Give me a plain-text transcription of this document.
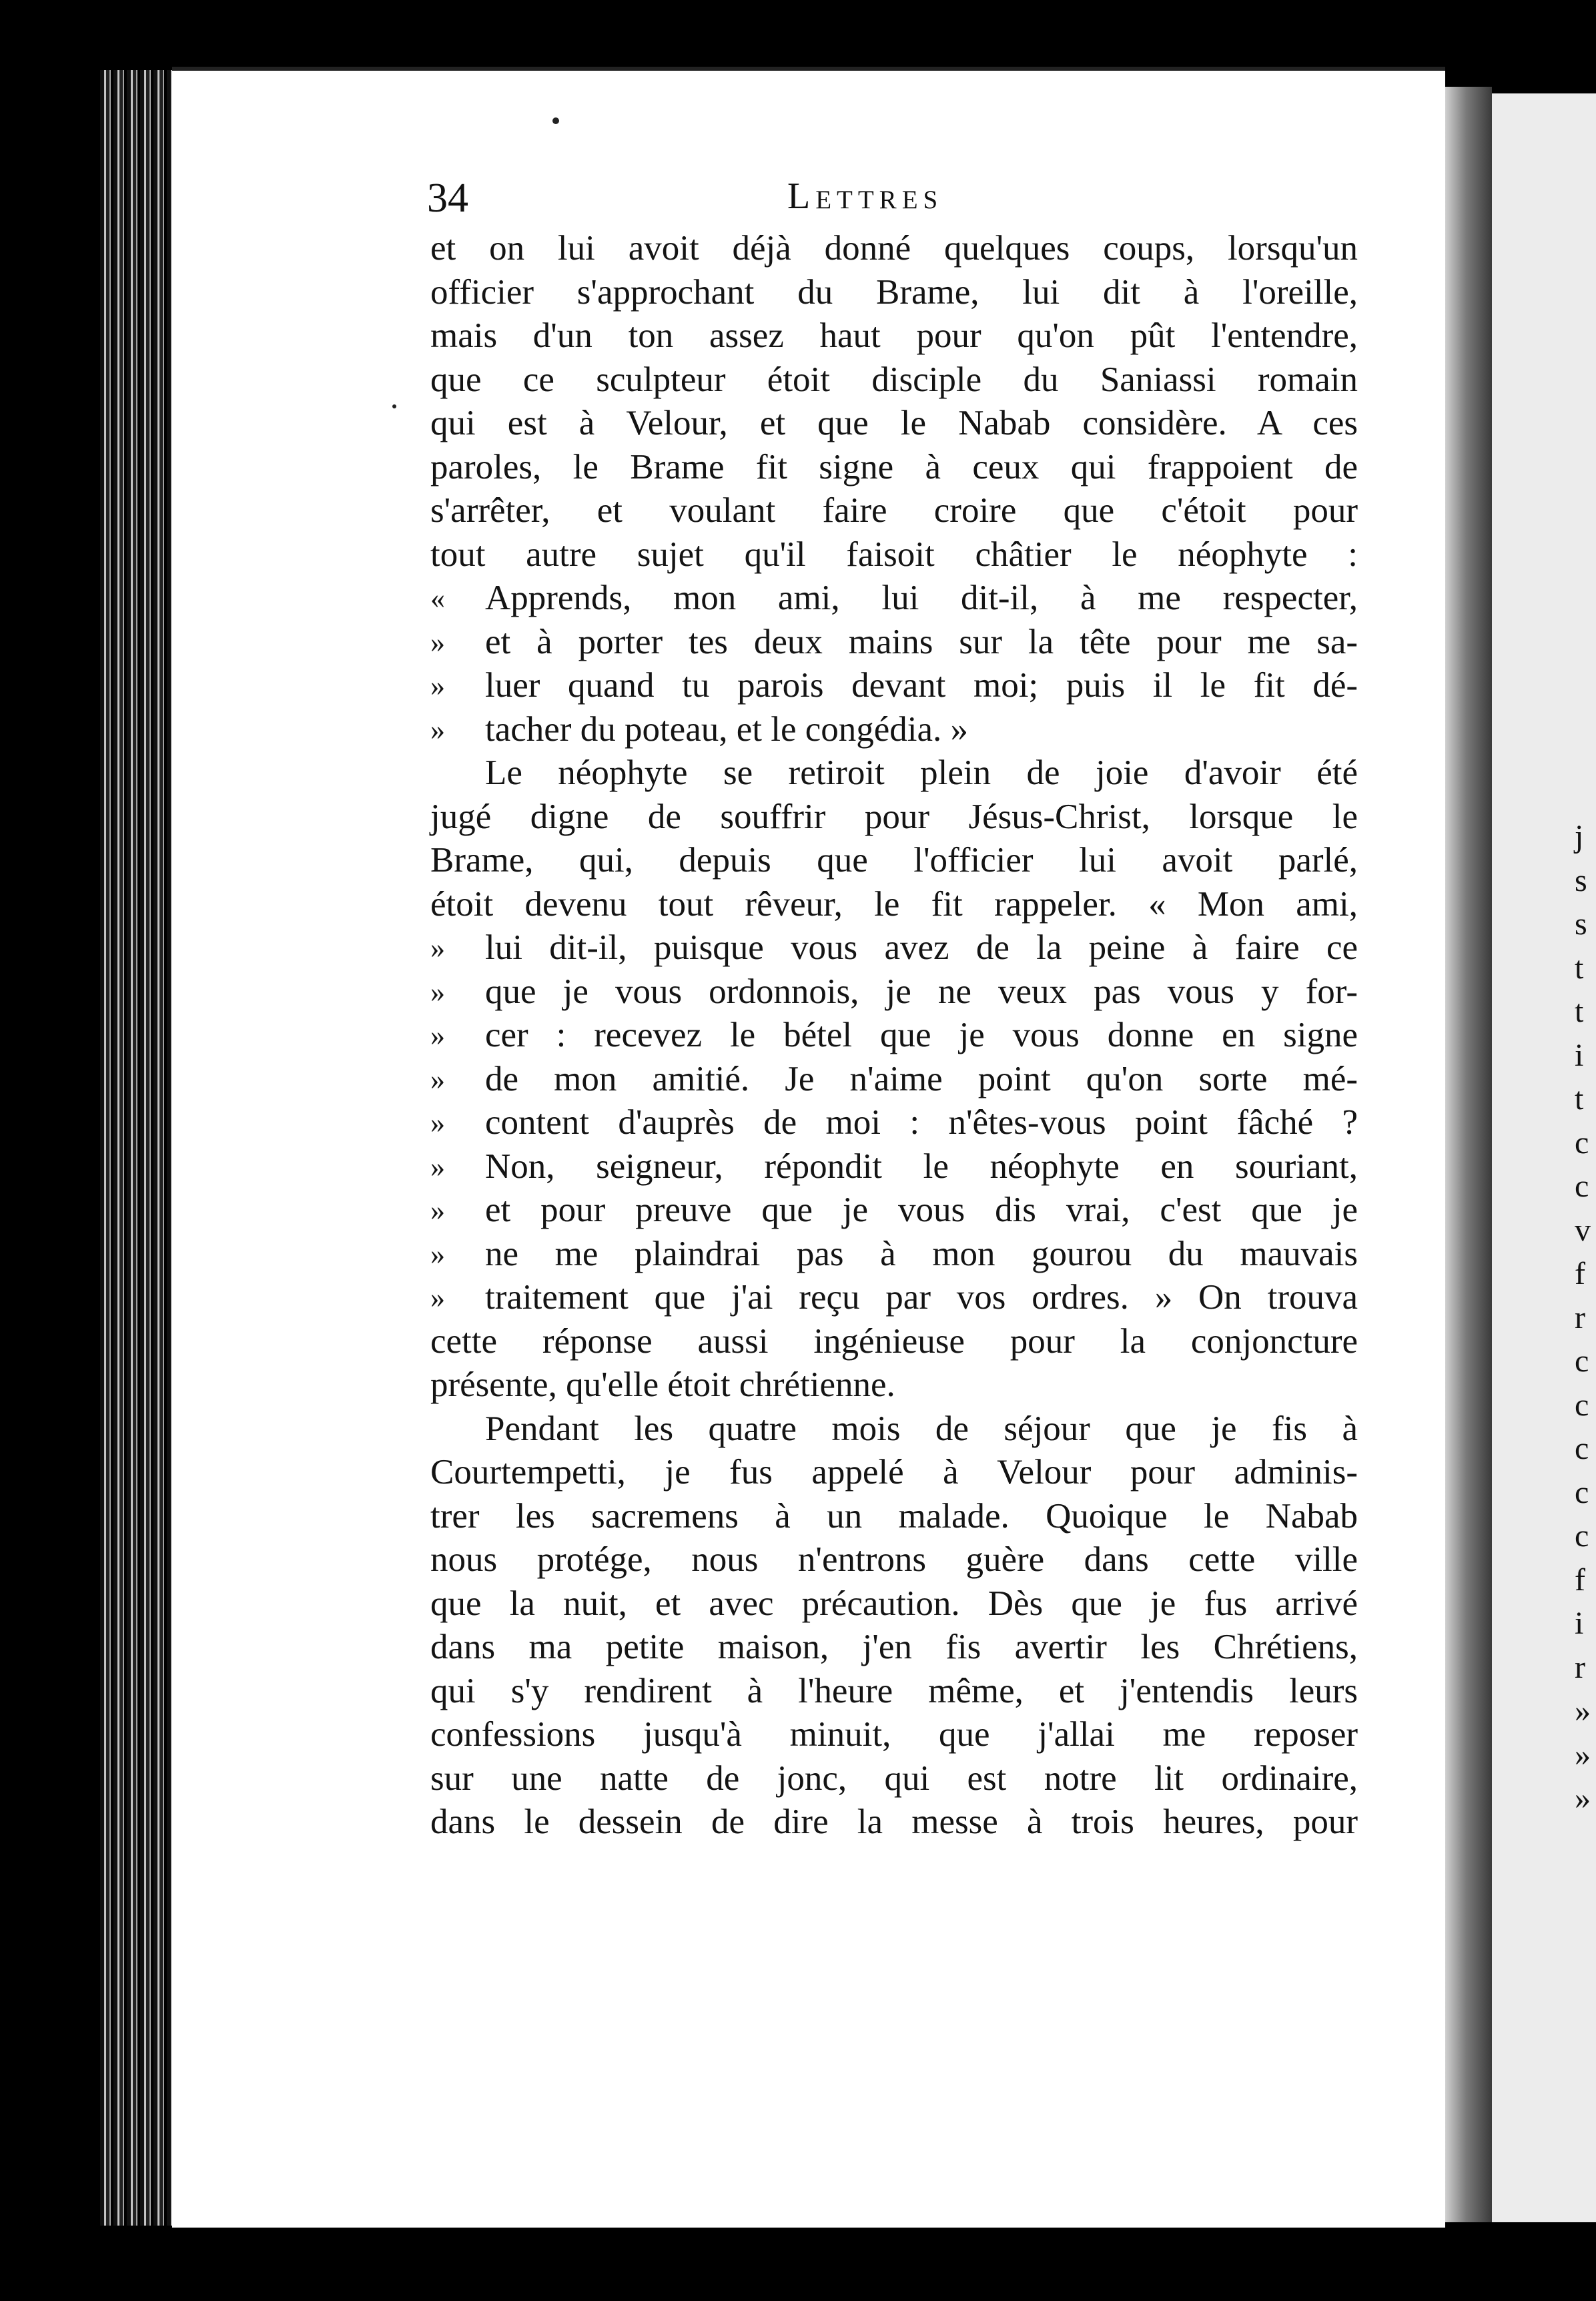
j
s
s
t
t
i
t
c
c
v
f
r
c
c
c
c
c
f
i
r
»
»
»
34	Lettres
et on lui avoit déjà donné quelques coups, lorsqu'un
officier s'approchant du Brame, lui dit à l'oreille,
mais d'un ton assez haut pour qu'on pût l'entendre,
que ce sculpteur étoit disciple du Saniassi romain
qui est à Velour, et que le Nabab considère. A ces
paroles, le Brame fit signe à ceux qui frappoient de
s'arrêter, et voulant faire croire que c'étoit pour
tout autre sujet qu'il faisoit châtier le néophyte :
«	Apprends, mon ami, lui dit-il, à me respecter,
»	et à porter tes deux mains sur la tête pour me sa-
»	luer quand tu parois devant moi; puis il le fit dé-
»	tacher du poteau, et le congédia. »
Le néophyte se retiroit plein de joie d'avoir été
jugé digne de souffrir pour Jésus-Christ, lorsque le
Brame, qui, depuis que l'officier lui avoit parlé,
étoit devenu tout rêveur, le fit rappeler. « Mon ami,
»	lui dit-il, puisque vous avez de la peine à faire ce
»	que je vous ordonnois, je ne veux pas vous y for-
»	cer : recevez le bétel que je vous donne en signe
»	de mon amitié. Je n'aime point qu'on sorte mé-
»	content d'auprès de moi : n'êtes-vous point fâché ?
»	Non, seigneur, répondit le néophyte en souriant,
»	et pour preuve que je vous dis vrai, c'est que je
»	ne me plaindrai pas à mon gourou du mauvais
»	traitement que j'ai reçu par vos ordres. » On trouva
cette réponse aussi ingénieuse pour la conjoncture
présente, qu'elle étoit chrétienne.
Pendant les quatre mois de séjour que je fis à
Courtempetti, je fus appelé à Velour pour adminis-
trer les sacremens à un malade. Quoique le Nabab
nous protége, nous n'entrons guère dans cette ville
que la nuit, et avec précaution. Dès que je fus arrivé
dans ma petite maison, j'en fis avertir les Chrétiens,
qui s'y rendirent à l'heure même, et j'entendis leurs
confessions jusqu'à minuit, que j'allai me reposer
sur une natte de jonc, qui est notre lit ordinaire,
dans le dessein de dire la messe à trois heures, pour
